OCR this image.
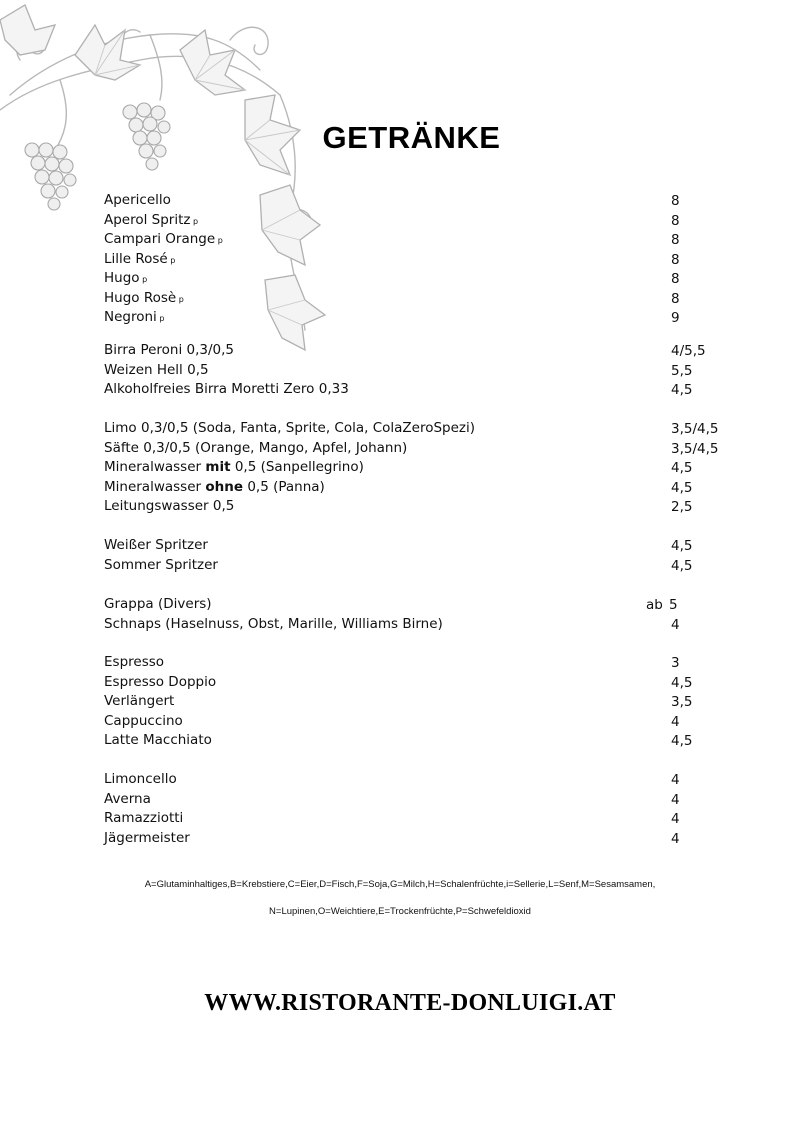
GETRÄNKE
Apericello	8
Aperol Spritz p	8
Campari Orange p	8
Lille Rosé p	8
Hugo p	8
Hugo Rosè p	8
Negroni p	9
Birra Peroni 0,3/0,5	4/5,5
Weizen Hell 0,5	5,5
Alkoholfreies Birra Moretti Zero 0,33	4,5
Limo 0,3/0,5 (Soda, Fanta, Sprite, Cola, ColaZeroSpezi)	3,5/4,5
Säfte 0,3/0,5 (Orange, Mango, Apfel, Johann)	3,5/4,5
Mineralwasser mit 0,5 (Sanpellegrino)	4,5
Mineralwasser ohne 0,5 (Panna)	4,5
Leitungswasser 0,5	2,5
Weißer Spritzer	4,5
Sommer Spritzer	4,5
Grappa (Divers)	ab 5
Schnaps (Haselnuss, Obst, Marille, Williams Birne)	4
Espresso	3
Espresso Doppio	4,5
Verlängert	3,5
Cappuccino	4
Latte Macchiato	4,5
Limoncello	4
Averna	4
Ramazziotti	4
Jägermeister	4
A=Glutaminhaltiges,B=Krebstiere,C=Eier,D=Fisch,F=Soja,G=Milch,H=Schalenfrüchte,i=Sellerie,L=Senf,M=Sesamsamen,
N=Lupinen,O=Weichtiere,E=Trockenfrüchte,P=Schwefeldioxid
WWW.RISTORANTE-DONLUIGI.AT
